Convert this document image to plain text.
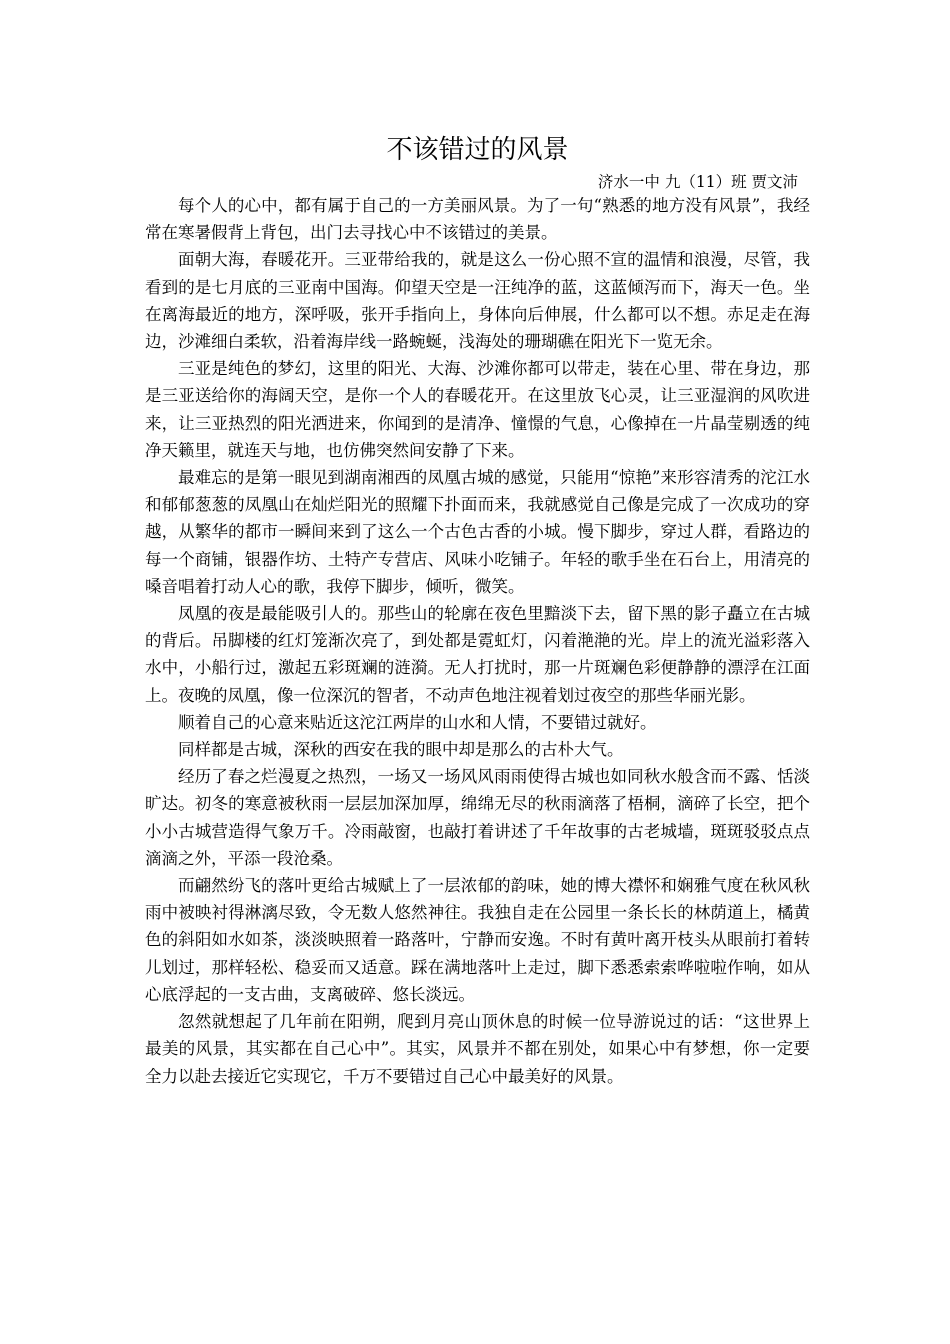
不该错过的风景
济水一中 九（11）班 贾文沛

每个人的心中，都有属于自己的一方美丽风景。为了一句“熟悉的地方没有风景”，我经常在寒暑假背上背包，出门去寻找心中不该错过的美景。

面朝大海，春暖花开。三亚带给我的，就是这么一份心照不宣的温情和浪漫，尽管，我看到的是七月底的三亚南中国海。仰望天空是一汪纯净的蓝，这蓝倾泻而下，海天一色。坐在离海最近的地方，深呼吸，张开手指向上，身体向后伸展，什么都可以不想。赤足走在海边，沙滩细白柔软，沿着海岸线一路蜿蜒，浅海处的珊瑚礁在阳光下一览无余。

三亚是纯色的梦幻，这里的阳光、大海、沙滩你都可以带走，装在心里、带在身边，那是三亚送给你的海阔天空，是你一个人的春暖花开。在这里放飞心灵，让三亚湿润的风吹进来，让三亚热烈的阳光洒进来，你闻到的是清净、憧憬的气息，心像掉在一片晶莹剔透的纯净天籁里，就连天与地，也仿佛突然间安静了下来。

最难忘的是第一眼见到湖南湘西的凤凰古城的感觉，只能用“惊艳”来形容清秀的沱江水和郁郁葱葱的凤凰山在灿烂阳光的照耀下扑面而来，我就感觉自己像是完成了一次成功的穿越，从繁华的都市一瞬间来到了这么一个古色古香的小城。慢下脚步，穿过人群，看路边的每一个商铺，银器作坊、土特产专营店、风味小吃铺子。年轻的歌手坐在石台上，用清亮的嗓音唱着打动人心的歌，我停下脚步，倾听，微笑。

凤凰的夜是最能吸引人的。那些山的轮廓在夜色里黯淡下去，留下黑的影子矗立在古城的背后。吊脚楼的红灯笼渐次亮了，到处都是霓虹灯，闪着滟滟的光。岸上的流光溢彩落入水中，小船行过，激起五彩斑斓的涟漪。无人打扰时，那一片斑斓色彩便静静的漂浮在江面上。夜晚的凤凰，像一位深沉的智者，不动声色地注视着划过夜空的那些华丽光影。

顺着自己的心意来贴近这沱江两岸的山水和人情，不要错过就好。

同样都是古城，深秋的西安在我的眼中却是那么的古朴大气。

经历了春之烂漫夏之热烈，一场又一场风风雨雨使得古城也如同秋水般含而不露、恬淡旷达。初冬的寒意被秋雨一层层加深加厚，绵绵无尽的秋雨滴落了梧桐，滴碎了长空，把个小小古城营造得气象万千。冷雨敲窗，也敲打着讲述了千年故事的古老城墙，斑斑驳驳点点滴滴之外，平添一段沧桑。

而翩然纷飞的落叶更给古城赋上了一层浓郁的韵味，她的博大襟怀和娴雅气度在秋风秋雨中被映衬得淋漓尽致，令无数人悠然神往。我独自走在公园里一条长长的林荫道上，橘黄色的斜阳如水如茶，淡淡映照着一路落叶，宁静而安逸。不时有黄叶离开枝头从眼前打着转儿划过，那样轻松、稳妥而又适意。踩在满地落叶上走过，脚下悉悉索索哗啦啦作响，如从心底浮起的一支古曲，支离破碎、悠长淡远。

忽然就想起了几年前在阳朔，爬到月亮山顶休息的时候一位导游说过的话：“这世界上最美的风景，其实都在自己心中”。其实，风景并不都在别处，如果心中有梦想，你一定要全力以赴去接近它实现它，千万不要错过自己心中最美好的风景。
